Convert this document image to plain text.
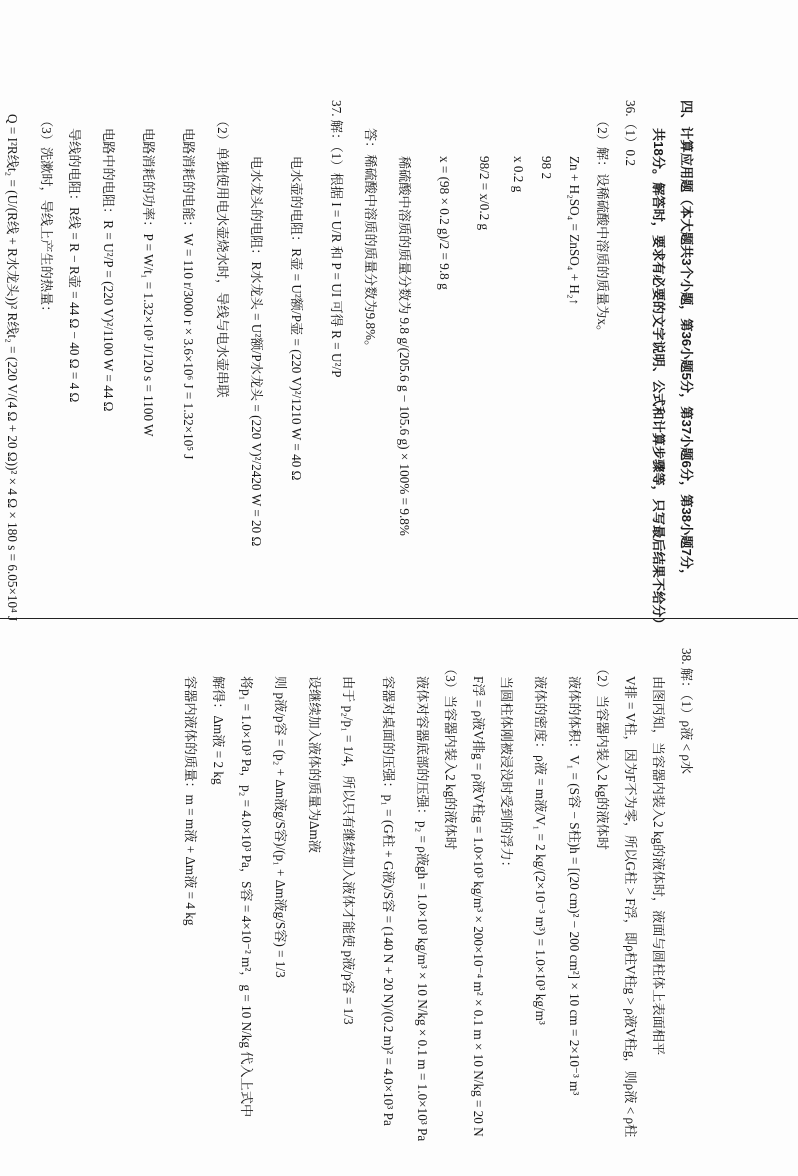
四、计算应用题（本大题共3个小题，第36小题5分，第37小题6分，第38小题7分，
共18分。解答时，要求有必要的文字说明、公式和计算步骤等，只写最后结果不给分）
36.（1）0.2
（2）解：设稀硫酸中溶质的质量为x。
Zn + H₂SO₄ = ZnSO₄ + H₂↑
98 2
x 0.2 g
98/2 = x/0.2 g
x = (98 × 0.2 g)/2 = 9.8 g
稀硫酸中溶质的质量分数为 9.8 g/(205.6 g − 105.6 g) × 100% = 9.8%
答：稀硫酸中溶质的质量分数为9.8%。
37. 解：（1）根据 I = U/R 和 P = UI 可得 R = U²/P
电水壶的电阻：R壶 = U²额/P壶 = (220 V)²/1210 W = 40 Ω
电水龙头的电阻：R水龙头 = U²额/P水龙头 = (220 V)²/2420 W = 20 Ω
（2）单独使用电水壶烧水时，导线与电水壶串联
电路消耗的电能：W = 110 r/3000 r × 3.6×10⁶ J = 1.32×10⁵ J
电路消耗的功率：P = W/t₁ = 1.32×10⁵ J/120 s = 1100 W
电路中的电阻：R = U²/P = (220 V)²/1100 W = 44 Ω
导线的电阻：R线 = R − R壶 = 44 Ω − 40 Ω = 4 Ω
（3）洗漱时，导线上产生的热量：
Q = I²R线t₂ = (U/(R线 + R水龙头))² R线t₂ = (220 V/(4 Ω + 20 Ω))² × 4 Ω × 180 s = 6.05×10⁴ J
38. 解：（1）ρ液 < ρ水
由图丙知，当容器内装入2 kg的液体时，液面与圆柱体上表面相平
V排 = V柱，因为F不为零，所以G柱 > F浮，即ρ柱V柱g > ρ液V柱g，则ρ液 < ρ柱
（2）当容器内装入2 kg的液体时
液体的体积：V₁ = (S容 − S柱)h = [(20 cm)² − 200 cm²] × 10 cm = 2×10⁻³ m³
液体的密度：ρ液 = m液/V₁ = 2 kg/(2×10⁻³ m³) = 1.0×10³ kg/m³
当圆柱体刚被浸没时受到的浮力：
F浮 = ρ液V排g = ρ液V柱g = 1.0×10³ kg/m³ × 200×10⁻⁴ m² × 0.1 m × 10 N/kg = 20 N
（3）当容器内装入2 kg的液体时
液体对容器底部的压强：p₂ = ρ液gh = 1.0×10³ kg/m³ × 10 N/kg × 0.1 m = 1.0×10³ Pa
容器对桌面的压强：p₁ = (G柱 + G液)/S容 = (140 N + 20 N)/(0.2 m)² = 4.0×10³ Pa
由于 p₂/p₁ = 1/4，所以只有继续加入液体才能使 p液/p容 = 1/3
设继续加入液体的质量为Δm液
则 p液/p容 = (p₂ + Δm液g/S容)/(p₁ + Δm液g/S容) = 1/3
将p₁ = 1.0×10³ Pa，p₂ = 4.0×10³ Pa，S容 = 4×10⁻² m²，g = 10 N/kg 代入上式中
解得：Δm液 = 2 kg
容器内液体的质量：m = m液 + Δm液 = 4 kg
